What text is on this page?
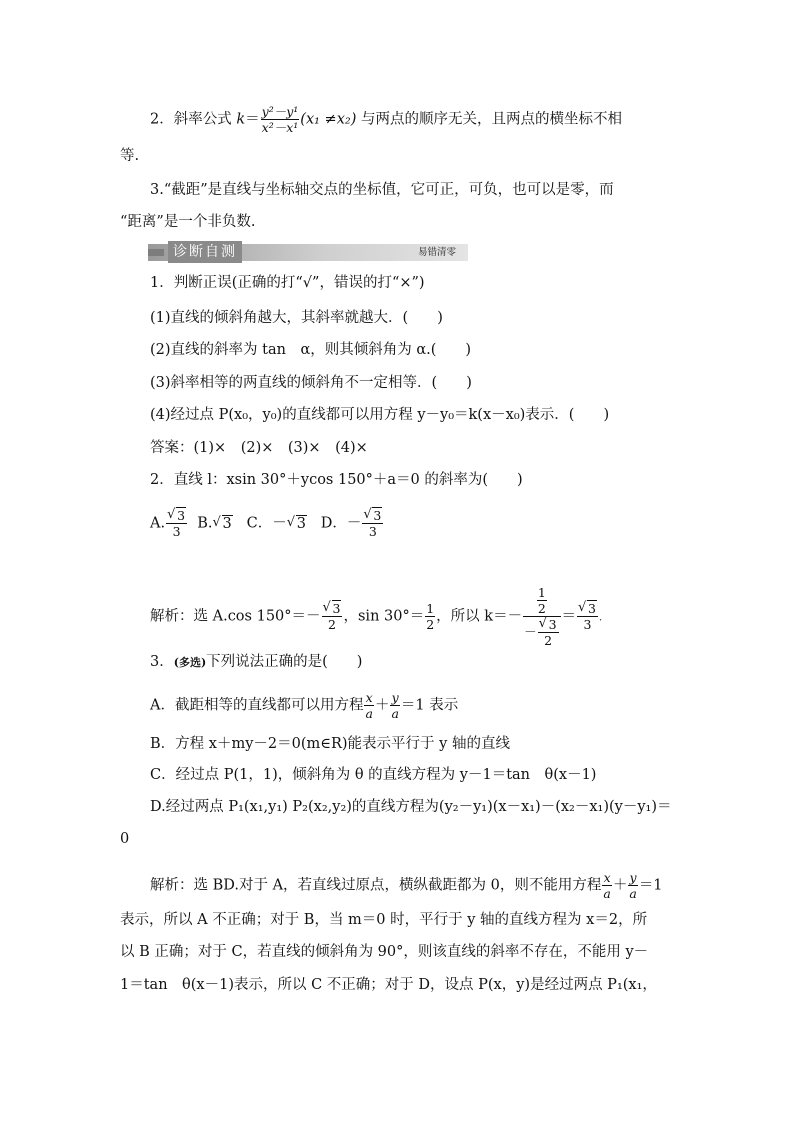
2．斜率公式 $k= \frac{\text{y²－y¹}}{\text{x²－x¹}} (x_1 \ne x_2)$ 与两点的顺序无关，且两点的横坐标不相
等.
3.“截距”是直线与坐标轴交点的坐标值，它可正，可负，也可以是零，而
“距离”是一个非负数.
诊断自测	易错清零
1．判断正误(正确的打“√”，错误的打“×”)
(1)直线的倾斜角越大，其斜率就越大．(　　)
(2)直线的斜率为 tan　α，则其倾斜角为 α.(　　)
(3)斜率相等的两直线的倾斜角不一定相等．(　　)
(4)经过点 P(x₀，y₀)的直线都可以用方程 y－y₀＝k(x－x₀)表示．(　　)
答案：(1)×　(2)×　(3)×　(4)×
2．直线 l：xsin 30°＋ycos 150°＋a＝0 的斜率为(　　)
A.
√ $\frac{3}{3} B.√$ 3 C．－√ 3 D．－
√ $\frac{3}{3}$
解析：选 A.cos 150°＝－
√ $\frac{3}{2}$ ，$\sin 30^\circ= \frac{1}{2}$ ，所以 $k=- \frac{1}{2}$
－
√ $\frac{3}{2}$ ＝
√ $\frac{3}{3}$ .
3．(多选)下列说法正确的是(　　)
A．截距相等的直线都可以用方程 $\frac{x}{a} + \frac{y}{a} =1$ 表示
B．方程 x＋my－2＝0(m∈R)能表示平行于 y 轴的直线
C．经过点 P(1，1)，倾斜角为 θ 的直线方程为 y－1＝tan　θ(x－1)
D.经过两点 P₁(x₁,y₁) P₂(x₂,y₂)的直线方程为(y₂－y₁)(x－x₁)－(x₂－x₁)(y－y₁)＝
0
解析：选 BD.对于 A，若直线过原点，横纵截距都为 0，则不能用方程 $\frac{x}{a} + \frac{y}{a} =1$
表示，所以 A 不正确；对于 B，当 m＝0 时，平行于 y 轴的直线方程为 x＝2，所
以 B 正确；对于 C，若直线的倾斜角为 90°，则该直线的斜率不存在，不能用 y－
1＝tan　θ(x－1)表示，所以 C 不正确；对于 D，设点 P(x，y)是经过两点 P₁(x₁，
